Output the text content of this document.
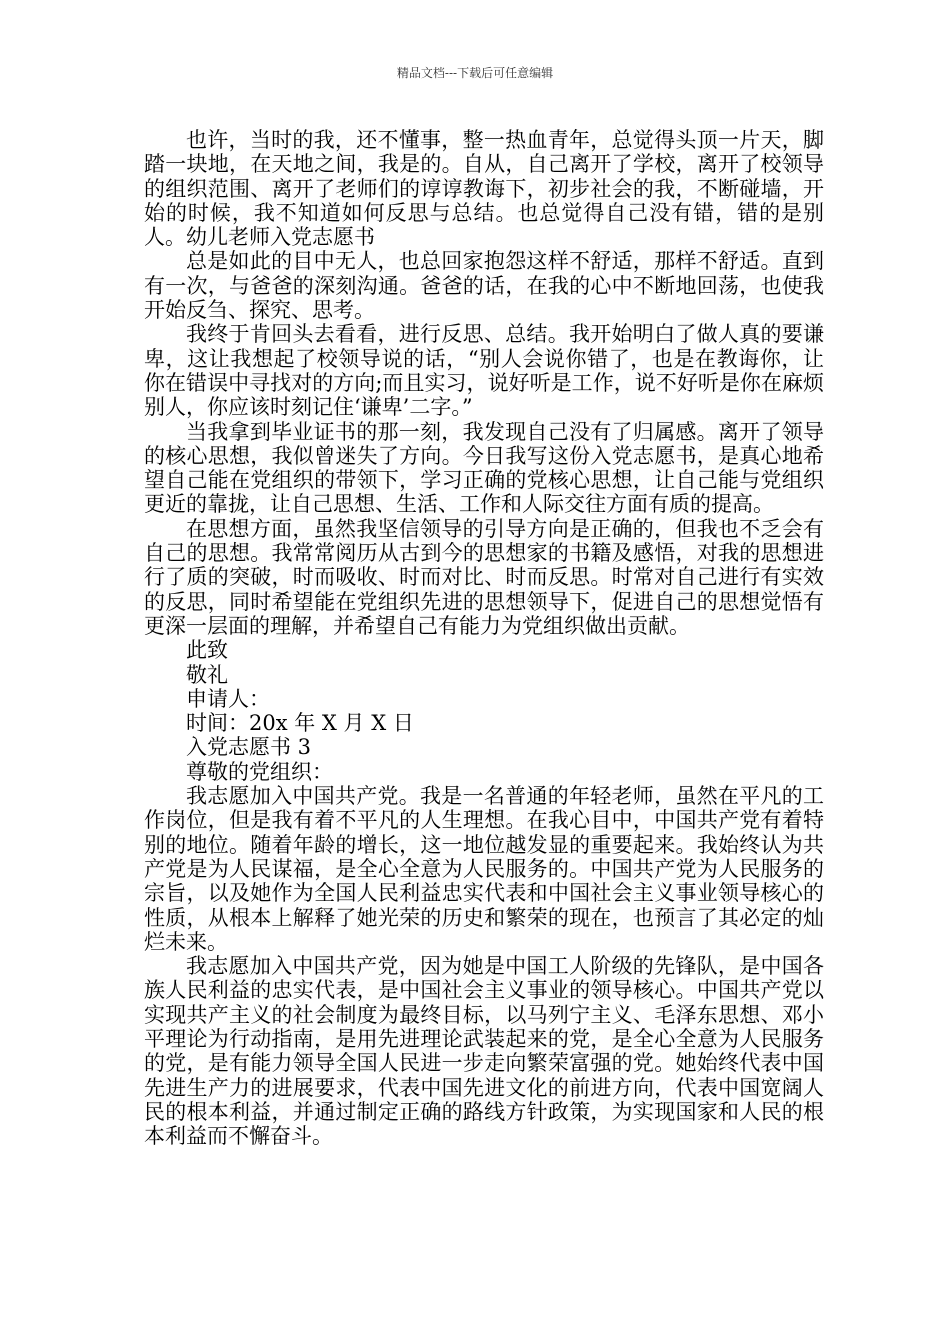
精品文档---下载后可任意编辑

也许，当时的我，还不懂事，整一热血青年，总觉得头顶一片天，脚踏一块地，在天地之间，我是的。自从，自己离开了学校，离开了校领导的组织范围、离开了老师们的谆谆教诲下，初步社会的我，不断碰墙，开始的时候，我不知道如何反思与总结。也总觉得自己没有错，错的是别人。幼儿老师入党志愿书

总是如此的目中无人，也总回家抱怨这样不舒适，那样不舒适。直到有一次，与爸爸的深刻沟通。爸爸的话，在我的心中不断地回荡，也使我开始反刍、探究、思考。

我终于肯回头去看看，进行反思、总结。我开始明白了做人真的要谦卑，这让我想起了校领导说的话，“别人会说你错了，也是在教诲你，让你在错误中寻找对的方向;而且实习，说好听是工作，说不好听是你在麻烦别人，你应该时刻记住‘谦卑’二字。”

当我拿到毕业证书的那一刻，我发现自己没有了归属感。离开了领导的核心思想，我似曾迷失了方向。今日我写这份入党志愿书，是真心地希望自己能在党组织的带领下，学习正确的党核心思想，让自己能与党组织更近的靠拢，让自己思想、生活、工作和人际交往方面有质的提高。

在思想方面，虽然我坚信领导的引导方向是正确的，但我也不乏会有自己的思想。我常常阅历从古到今的思想家的书籍及感悟，对我的思想进行了质的突破，时而吸收、时而对比、时而反思。时常对自己进行有实效的反思，同时希望能在党组织先进的思想领导下，促进自己的思想觉悟有更深一层面的理解，并希望自己有能力为党组织做出贡献。

此致

敬礼

申请人：

时间：20x 年 X 月 X 日

入党志愿书 3

尊敬的党组织：

我志愿加入中国共产党。我是一名普通的年轻老师，虽然在平凡的工作岗位，但是我有着不平凡的人生理想。在我心目中，中国共产党有着特别的地位。随着年龄的增长，这一地位越发显的重要起来。我始终认为共产党是为人民谋福，是全心全意为人民服务的。中国共产党为人民服务的宗旨，以及她作为全国人民利益忠实代表和中国社会主义事业领导核心的性质，从根本上解释了她光荣的历史和繁荣的现在，也预言了其必定的灿烂未来。

我志愿加入中国共产党，因为她是中国工人阶级的先锋队，是中国各族人民利益的忠实代表，是中国社会主义事业的领导核心。中国共产党以实现共产主义的社会制度为最终目标，以马列宁主义、毛泽东思想、邓小平理论为行动指南，是用先进理论武装起来的党，是全心全意为人民服务的党，是有能力领导全国人民进一步走向繁荣富强的党。她始终代表中国先进生产力的进展要求，代表中国先进文化的前进方向，代表中国宽阔人民的根本利益，并通过制定正确的路线方针政策，为实现国家和人民的根本利益而不懈奋斗。
